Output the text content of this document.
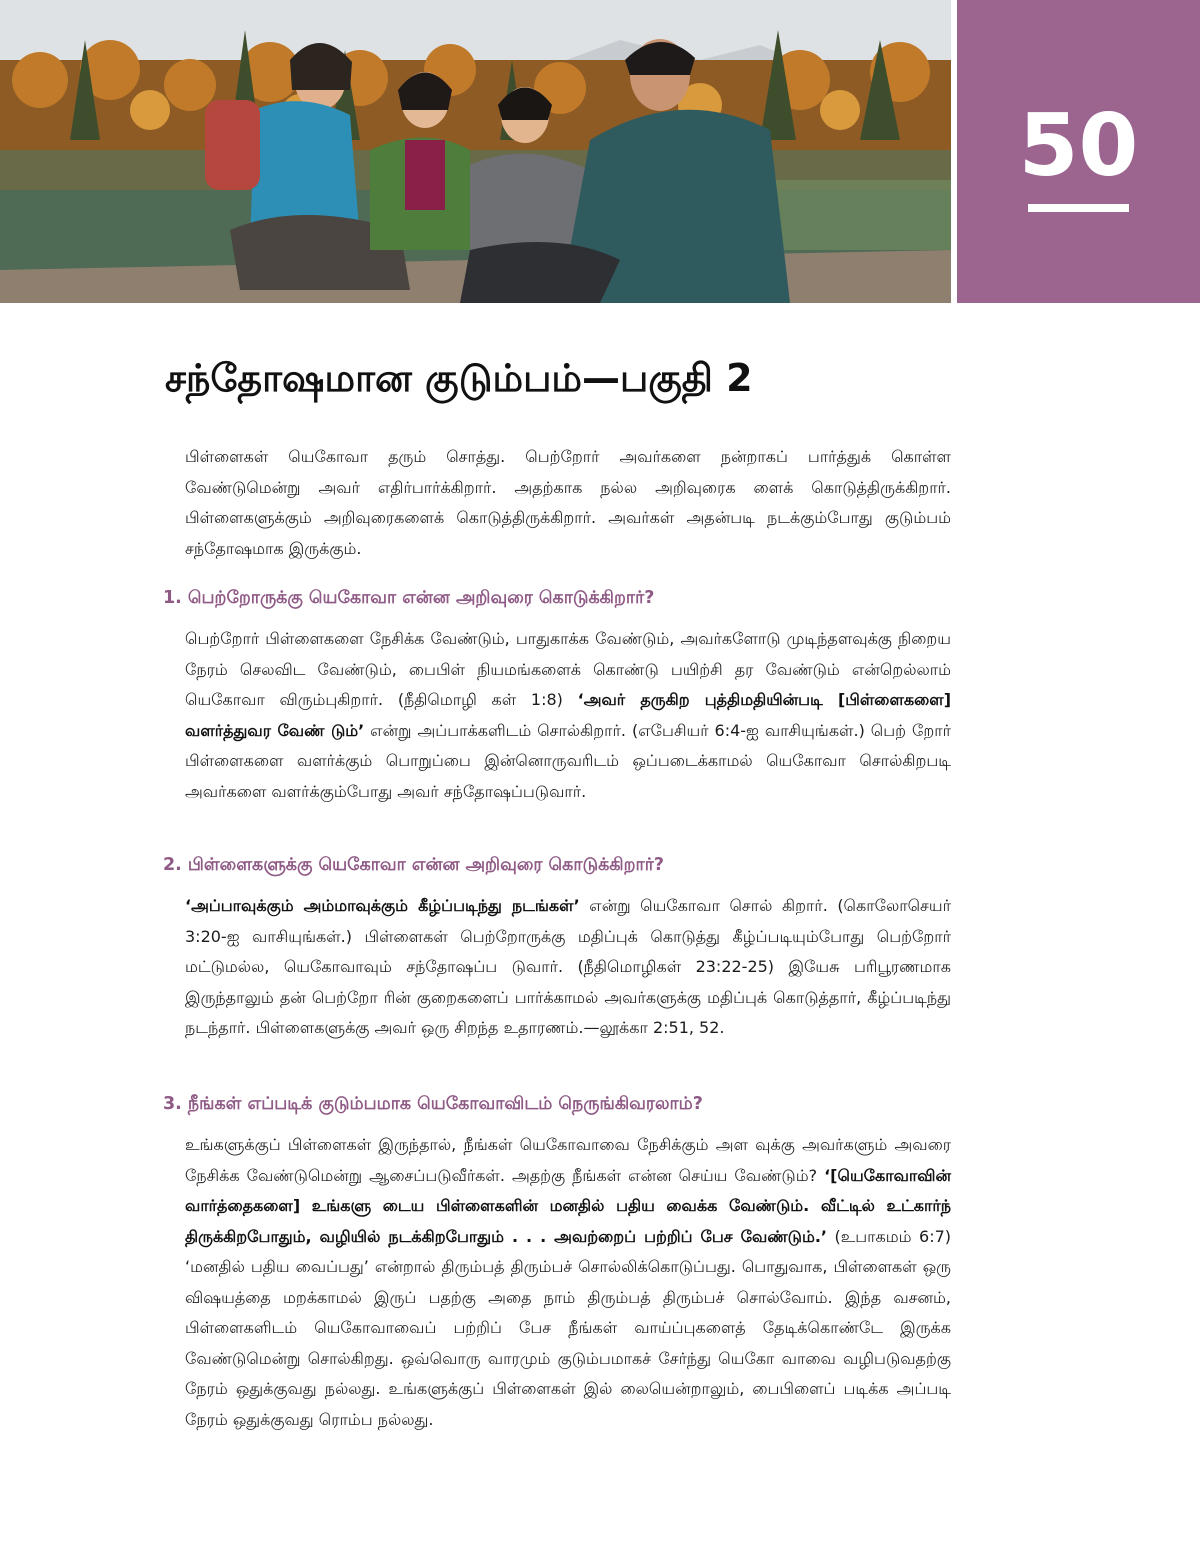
50
சந்தோஷமான குடும்பம்—பகுதி 2

பிள்ளைகள் யெகோவா தரும் சொத்து. பெற்றோர் அவர்களை நன்றாகப் பார்த்துக் கொள்ள வேண்டுமென்று அவர் எதிர்பார்க்கிறார். அதற்காக நல்ல அறிவுரைக ளைக் கொடுத்திருக்கிறார். பிள்ளைகளுக்கும் அறிவுரைகளைக் கொடுத்திருக்கிறார். அவர்கள் அதன்படி நடக்கும்போது குடும்பம் சந்தோஷமாக இருக்கும்.

1. பெற்றோருக்கு யெகோவா என்ன அறிவுரை கொடுக்கிறார்?

பெற்றோர் பிள்ளைகளை நேசிக்க வேண்டும், பாதுகாக்க வேண்டும், அவர்களோடு முடிந்தளவுக்கு நிறைய நேரம் செலவிட வேண்டும், பைபிள் நியமங்களைக் கொண்டு பயிற்சி தர வேண்டும் என்றெல்லாம் யெகோவா விரும்புகிறார். (நீதிமொழி கள் 1:8) ‘அவர் தருகிற புத்திமதியின்படி [பிள்ளைகளை] வளர்த்துவர வேண் டும்’ என்று அப்பாக்களிடம் சொல்கிறார். (எபேசியர் 6:4-ஐ வாசியுங்கள்.) பெற் றோர் பிள்ளைகளை வளர்க்கும் பொறுப்பை இன்னொருவரிடம் ஒப்படைக்காமல் யெகோவா சொல்கிறபடி அவர்களை வளர்க்கும்போது அவர் சந்தோஷப்படுவார்.

2. பிள்ளைகளுக்கு யெகோவா என்ன அறிவுரை கொடுக்கிறார்?

‘அப்பாவுக்கும் அம்மாவுக்கும் கீழ்ப்படிந்து நடங்கள்’ என்று யெகோவா சொல் கிறார். (கொலோசெயர் 3:20-ஐ வாசியுங்கள்.) பிள்ளைகள் பெற்றோருக்கு மதிப்புக் கொடுத்து கீழ்ப்படியும்போது பெற்றோர் மட்டுமல்ல, யெகோவாவும் சந்தோஷப்ப டுவார். (நீதிமொழிகள் 23:22-25) இயேசு பரிபூரணமாக இருந்தாலும் தன் பெற்றோ ரின் குறைகளைப் பார்க்காமல் அவர்களுக்கு மதிப்புக் கொடுத்தார், கீழ்ப்படிந்து நடந்தார். பிள்ளைகளுக்கு அவர் ஒரு சிறந்த உதாரணம்.—லூக்கா 2:51, 52.

3. நீங்கள் எப்படிக் குடும்பமாக யெகோவாவிடம் நெருங்கிவரலாம்?

உங்களுக்குப் பிள்ளைகள் இருந்தால், நீங்கள் யெகோவாவை நேசிக்கும் அள வுக்கு அவர்களும் அவரை நேசிக்க வேண்டுமென்று ஆசைப்படுவீர்கள். அதற்கு நீங்கள் என்ன செய்ய வேண்டும்? ‘[யெகோவாவின் வார்த்தைகளை] உங்களு டைய பிள்ளைகளின் மனதில் பதிய வைக்க வேண்டும். வீட்டில் உட்கார்ந் திருக்கிறபோதும், வழியில் நடக்கிறபோதும் . . . அவற்றைப் பற்றிப் பேச வேண்டும்.’ (உபாகமம் 6:7) ‘மனதில் பதிய வைப்பது’ என்றால் திரும்பத் திரும்பச் சொல்லிக்கொடுப்பது. பொதுவாக, பிள்ளைகள் ஒரு விஷயத்தை மறக்காமல் இருப் பதற்கு அதை நாம் திரும்பத் திரும்பச் சொல்வோம். இந்த வசனம், பிள்ளைகளிடம் யெகோவாவைப் பற்றிப் பேச நீங்கள் வாய்ப்புகளைத் தேடிக்கொண்டே இருக்க வேண்டுமென்று சொல்கிறது. ஒவ்வொரு வாரமும் குடும்பமாகச் சேர்ந்து யெகோ வாவை வழிபடுவதற்கு நேரம் ஒதுக்குவது நல்லது. உங்களுக்குப் பிள்ளைகள் இல் லையென்றாலும், பைபிளைப் படிக்க அப்படி நேரம் ஒதுக்குவது ரொம்ப நல்லது.
